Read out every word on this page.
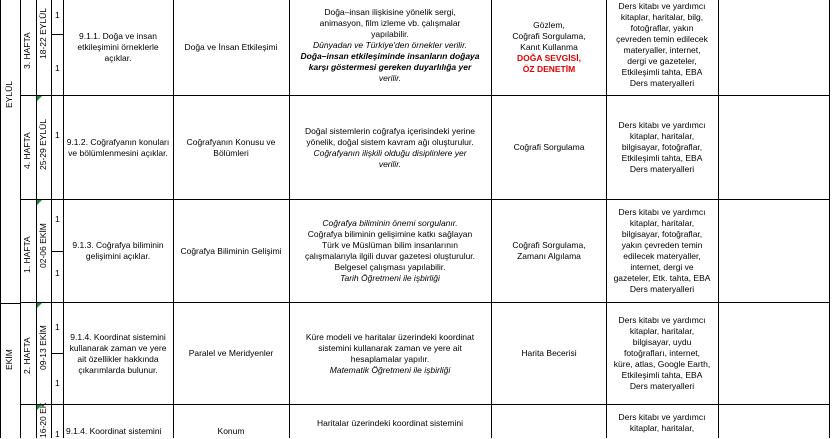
EYLÜL
EKİM
3. HAFTA 18-22 EYLÜL
4. HAFTA 25-29 EYLÜL
1. HAFTA 02-06 EKİM
2. HAFTA 09-13 EKİM
16-20 EK
1
1
1
1
1
1
1
1
9.1.1. Doğa ve insan etkileşimini örneklerle açıklar.
Doğa ve İnsan Etkileşimi
Doğa–insan ilişkisine yönelik sergi,
animasyon, film izleme vb. çalışmalar
yapılabilir.
Dünyadan ve Türkiye'den örnekler verilir.
Doğa–insan etkileşiminde insanların doğaya
karşı göstermesi gereken duyarlılığa yer
verilir.
Gözlem,
Coğrafi Sorgulama,
Kanıt Kullanma
DOĞA SEVGİSİ,
ÖZ DENETİM
Ders kitabı ve yardımcı
kitaplar, haritalar, bilg,
fotoğraflar, yakın
çevreden temin edilecek
materyaller, internet,
dergi ve gazeteler,
Etkileşimli tahta, EBA
Ders materyalleri
9.1.2. Coğrafyanın konuları ve bölümlenmesini açıklar.
Coğrafyanın Konusu ve Bölümleri
Doğal sistemlerin coğrafya içerisindeki yerine
yönelik, doğal sistem kavram ağı oluşturulur.
Coğrafyanın ilişkili olduğu disiplinlere yer
verilir.
Coğrafi Sorgulama
Ders kitabı ve yardımcı
kitaplar, haritalar,
bilgisayar, fotoğraflar,
Etkileşimli tahta, EBA
Ders materyalleri
9.1.3. Coğrafya biliminin gelişimini açıklar.
Coğrafya Biliminin Gelişimi
Coğrafya biliminin önemi sorgulanır.
Coğrafya biliminin gelişimine katkı sağlayan
Türk ve Müslüman bilim insanlarının
çalışmalarıyla ilgili duvar gazetesi oluşturulur.
Belgesel çalışması yapılabilir.
Tarih Öğretmeni ile işbirliği
Coğrafi Sorgulama,
Zamanı Algılama
Ders kitabı ve yardımcı
kitaplar, haritalar,
bilgisayar, fotoğraflar,
yakın çevreden temin
edilecek materyaller,
internet, dergi ve
gazeteler, Etk. tahta, EBA
Ders materyalleri
9.1.4. Koordinat sistemini kullanarak zaman ve yere ait özellikler hakkında çıkarımlarda bulunur.
Paralel ve Meridyenler
Küre modeli ve haritalar üzerindeki koordinat
sistemini kullanarak zaman ve yere ait
hesaplamalar yapılır.
Matematik Öğretmeni ile işbirliği
Harita Becerisi
Ders kitabı ve yardımcı
kitaplar, haritalar,
bilgisayar, uydu
fotoğrafları, internet,
küre, atlas, Google Earth,
Etkileşimli tahta, EBA
Ders materyalleri
9.1.4. Koordinat sistemini	Konum
Haritalar üzerindeki koordinat sistemini
Ders kitabı ve yardımcı
kitaplar, haritalar,
